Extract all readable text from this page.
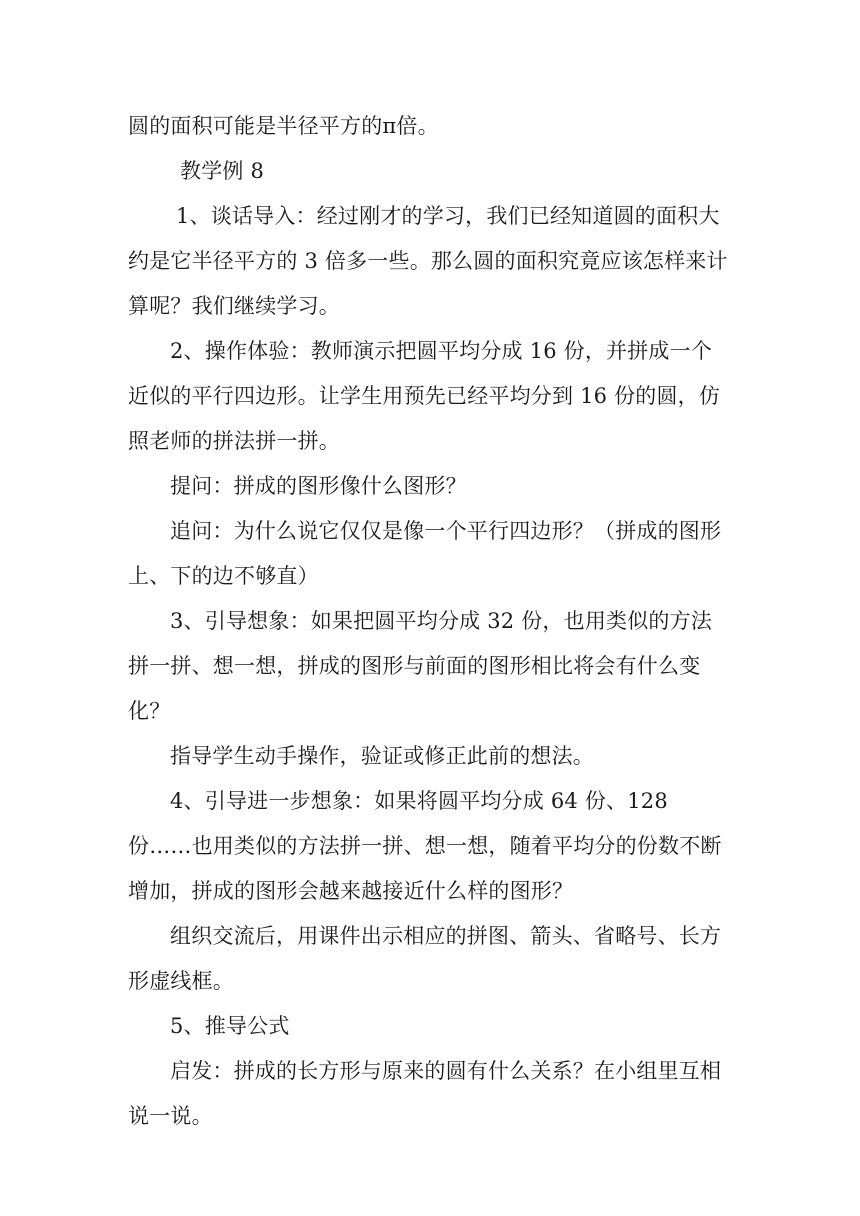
圆的面积可能是半径平方的π倍。

教学例 8

1、谈话导入：经过刚才的学习，我们已经知道圆的面积大约是它半径平方的 3 倍多一些。那么圆的面积究竟应该怎样来计算呢？我们继续学习。

2、操作体验：教师演示把圆平均分成 16 份，并拼成一个近似的平行四边形。让学生用预先已经平均分到 16 份的圆，仿照老师的拼法拼一拼。

提问：拼成的图形像什么图形？

追问：为什么说它仅仅是像一个平行四边形？（拼成的图形上、下的边不够直）

3、引导想象：如果把圆平均分成 32 份，也用类似的方法拼一拼、想一想，拼成的图形与前面的图形相比将会有什么变化？

指导学生动手操作，验证或修正此前的想法。

4、引导进一步想象：如果将圆平均分成 64 份、128 份……也用类似的方法拼一拼、想一想，随着平均分的份数不断增加，拼成的图形会越来越接近什么样的图形？

组织交流后，用课件出示相应的拼图、箭头、省略号、长方形虚线框。

5、推导公式

启发：拼成的长方形与原来的圆有什么关系？在小组里互相说一说。
